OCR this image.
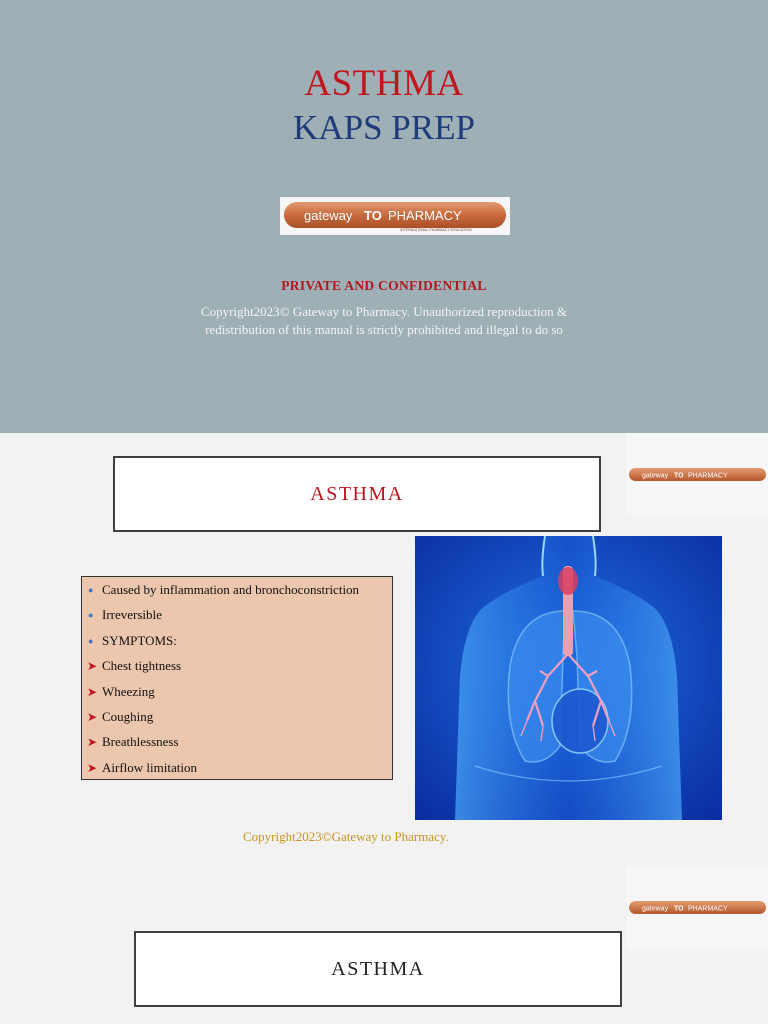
ASTHMA
KAPS PREP
gateway TO PHARMACY
INTERNATIONAL PHARMACY EDUCATION
PRIVATE AND CONFIDENTIAL
Copyright2023© Gateway to Pharmacy. Unauthorized reproduction &
redistribution of this manual is strictly prohibited and illegal to do so
ASTHMA
gateway TO PHARMACY
● Caused by inflammation and bronchoconstriction
● Irreversible
● SYMPTOMS:
➤ Chest tightness
➤ Wheezing
➤ Coughing
➤ Breathlessness
➤ Airflow limitation
Copyright2023©Gateway to Pharmacy.
gateway TO PHARMACY
ASTHMA
